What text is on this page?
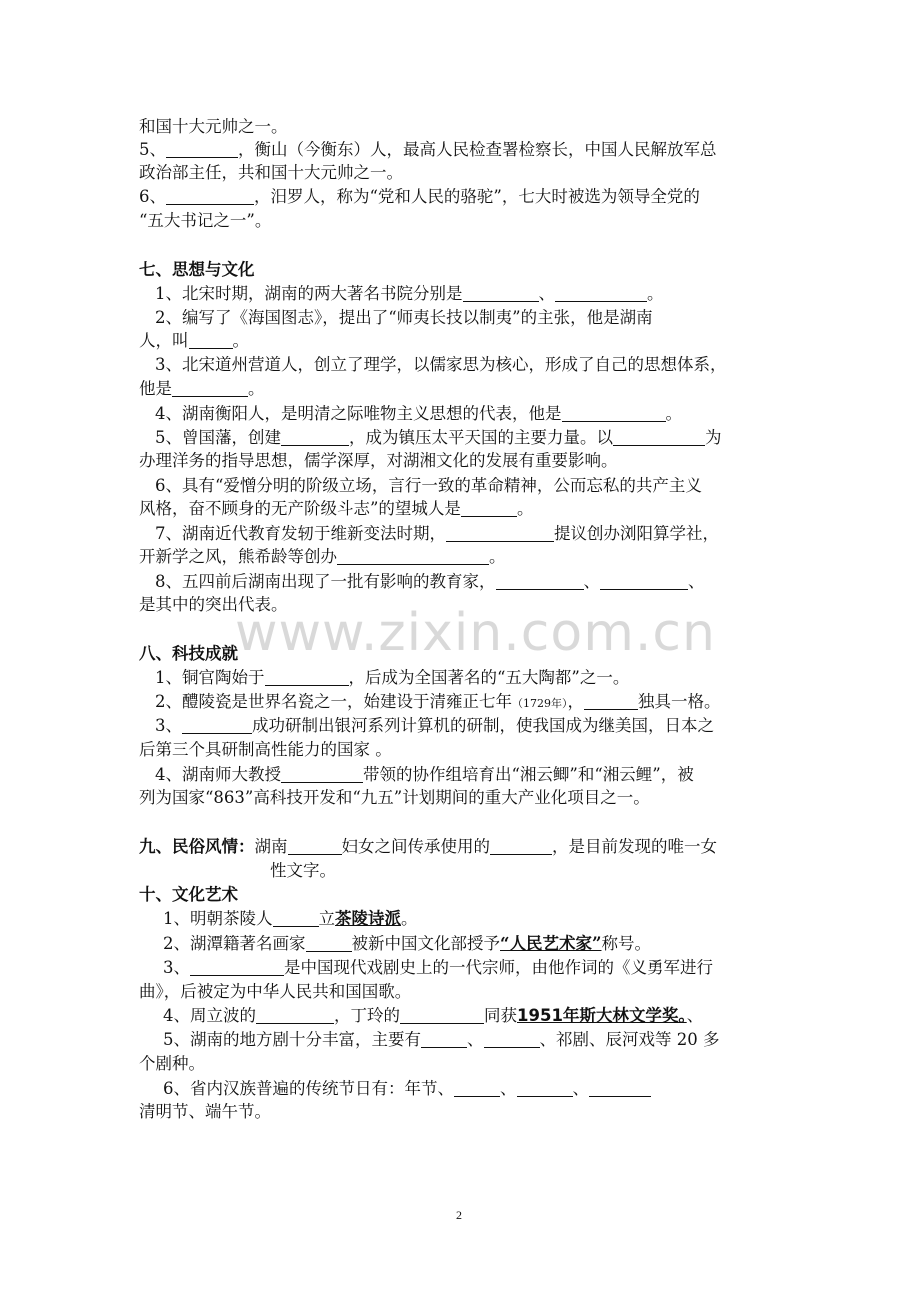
和国十大元帅之一。
5、	，衡山（今衡东）人，最高人民检查署检察长，中国人民解放军总
政治部主任，共和国十大元帅之一。
6、	，汨罗人，称为“党和人民的骆驼”，七大时被选为领导全党的
“五大书记之一”。
七、思想与文化
1、北宋时期，湖南的两大著名书院分别是	、	。
2、编写了《海国图志》，提出了“师夷长技以制夷”的主张，他是湖南
人，叫	。
3、北宋道州营道人，创立了理学，以儒家思为核心，形成了自己的思想体系，
他是	。
4、湖南衡阳人，是明清之际唯物主义思想的代表，他是	。
5、曾国藩，创建	，成为镇压太平天国的主要力量。以	为
办理洋务的指导思想，儒学深厚，对湖湘文化的发展有重要影响。
6、具有“爱憎分明的阶级立场，言行一致的革命精神，公而忘私的共产主义
风格，奋不顾身的无产阶级斗志”的望城人是	。
7、湖南近代教育发轫于维新变法时期，	提议创办浏阳算学社，
开新学之风，熊希龄等创办	。
8、五四前后湖南出现了一批有影响的教育家，	、	、
是其中的突出代表。
www.zixin.com.cn
八、科技成就
1、铜官陶始于	，后成为全国著名的“五大陶都”之一。
2、醴陵瓷是世界名瓷之一，始建设于清雍正七年（1729年），	独具一格。
3、	成功研制出银河系列计算机的研制，使我国成为继美国，日本之
后第三个具研制高性能力的国家 。
4、湖南师大教授	带领的协作组培育出“湘云鲫”和“湘云鲤”，被
列为国家“863”高科技开发和“九五”计划期间的重大产业化项目之一。
九、民俗风情：湖南	妇女之间传承使用的	，是目前发现的唯一女
性文字。
十、文化艺术
1、明朝茶陵人	立茶陵诗派。
2、湖潭籍著名画家	被新中国文化部授予“人民艺术家”称号。
3、	是中国现代戏剧史上的一代宗师，由他作词的《义勇军进行
曲》，后被定为中华人民共和国国歌。
4、周立波的	，丁玲的	同获1951年斯大林文学奖。、
5、湖南的地方剧十分丰富，主要有	、	、祁剧、辰河戏等 20 多
个剧种。
6、省内汉族普遍的传统节日有：年节、	、	、
清明节、端午节。
2
